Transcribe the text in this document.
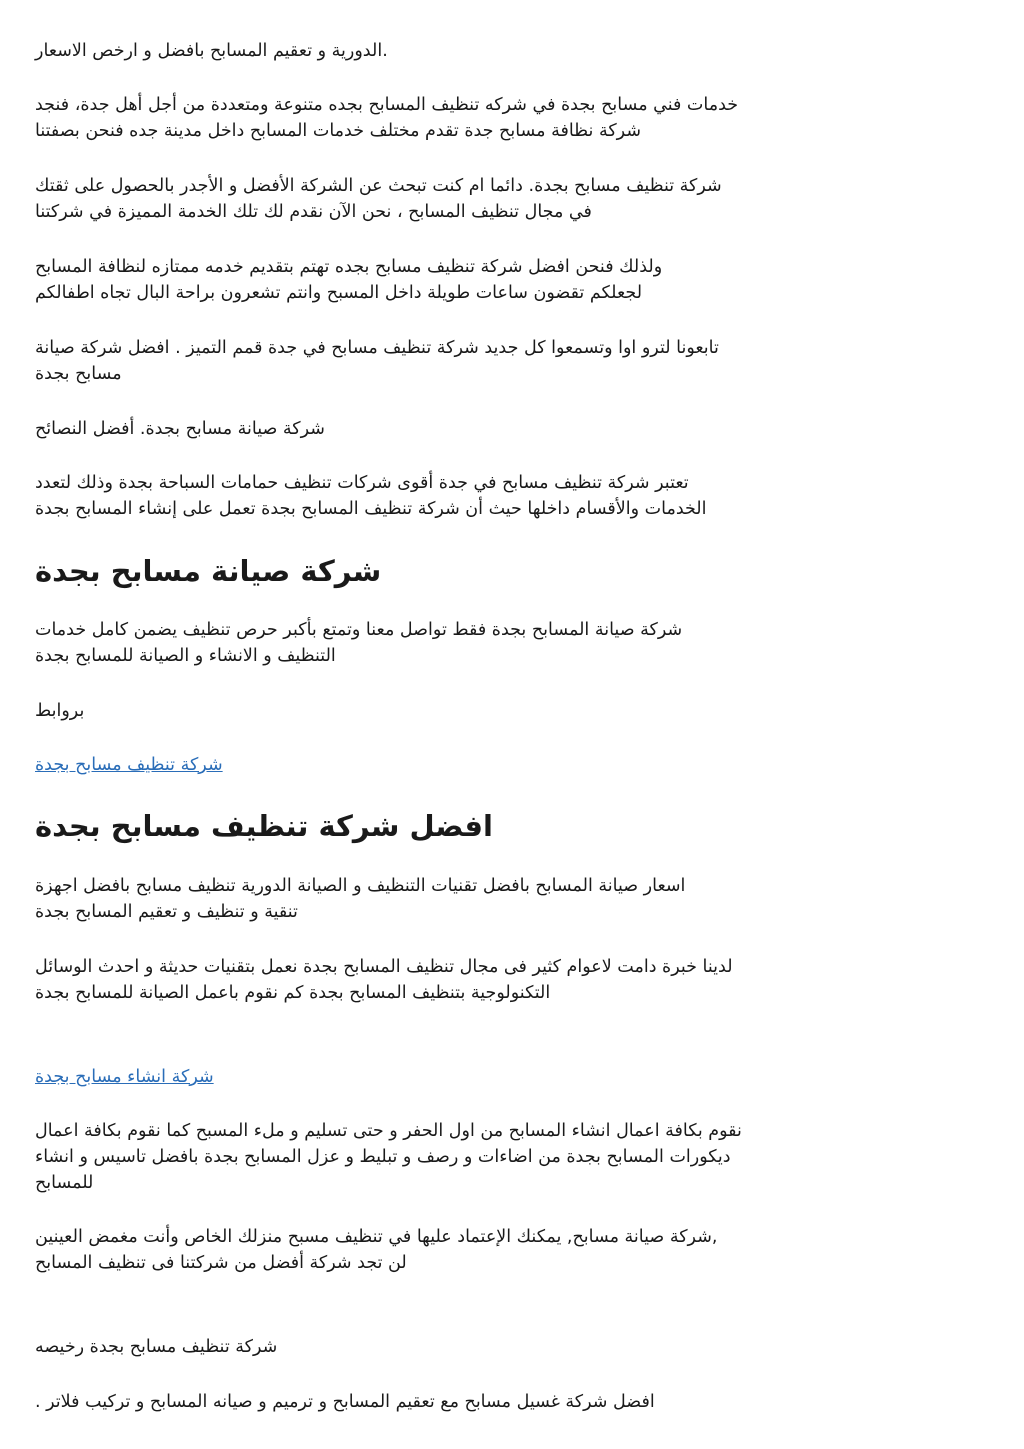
الدورية و تعقيم المسابح بافضل و ارخص الاسعار.

خدمات فني مسابح بجدة في شركه تنظيف المسابح بجده متنوعة ومتعددة من أجل أهل جدة، فنجد
شركة نظافة مسابح جدة تقدم مختلف خدمات المسابح داخل مدينة جده فنحن بصفتنا

شركة تنظيف مسابح بجدة. دائما ام كنت تبحث عن الشركة الأفضل و الأجدر بالحصول على ثقتك
في مجال تنظيف المسابح ، نحن الآن نقدم لك تلك الخدمة المميزة في شركتنا

ولذلك فنحن افضل شركة تنظيف مسابح بجده تهتم بتقديم خدمه ممتازه لنظافة المسابح
لجعلكم تقضون ساعات طويلة داخل المسبح وانتم تشعرون براحة البال تجاه اطفالكم

تابعونا لترو اوا وتسمعوا كل جديد شركة تنظيف مسابح في جدة قمم التميز . افضل شركة صيانة
مسابح بجدة

شركة صيانة مسابح بجدة. أفضل النصائح

تعتبر شركة تنظيف مسابح في جدة أقوى شركات تنظيف حمامات السباحة بجدة وذلك لتعدد
الخدمات والأقسام داخلها حيث أن شركة تنظيف المسابح بجدة تعمل على إنشاء المسابح بجدة

شركة صيانة مسابح بجدة

شركة صيانة المسابح بجدة فقط تواصل معنا وتمتع بأكبر حرص تنظيف يضمن كامل خدمات
التنظيف و الانشاء و الصيانة للمسابح بجدة

بروابط

شركة تنظيف مسابح بجدة
افضل شركة تنظيف مسابح بجدة

اسعار صيانة المسابح بافضل تقنيات التنظيف و الصيانة الدورية تنظيف مسابح بافضل اجهزة
تنقية و تنظيف و تعقيم المسابح بجدة

لدينا خبرة دامت لاعوام كثير فى مجال تنظيف المسابح بجدة نعمل بتقنيات حديثة و احدث الوسائل
التكنولوجية بتنظيف المسابح بجدة كم نقوم باعمل الصيانة للمسابح بجدة

شركة انشاء مسابح بجدة

نقوم بكافة اعمال انشاء المسابح من اول الحفر و حتى تسليم و ملء المسبح كما نقوم بكافة اعمال
ديكورات المسابح بجدة من اضاءات و رصف و تبليط و عزل المسابح بجدة بافضل تاسيس و انشاء
للمسابح

شركة صيانة مسابح, يمكنك الإعتماد عليها في تنظيف مسبح منزلك الخاص وأنت مغمض العينين,
لن تجد شركة أفضل من شركتنا فى تنظيف المسابح

شركة تنظيف مسابح بجدة رخيصه

. افضل شركة غسيل مسابح مع تعقيم المسابح و ترميم و صيانه المسابح و تركيب فلاتر
